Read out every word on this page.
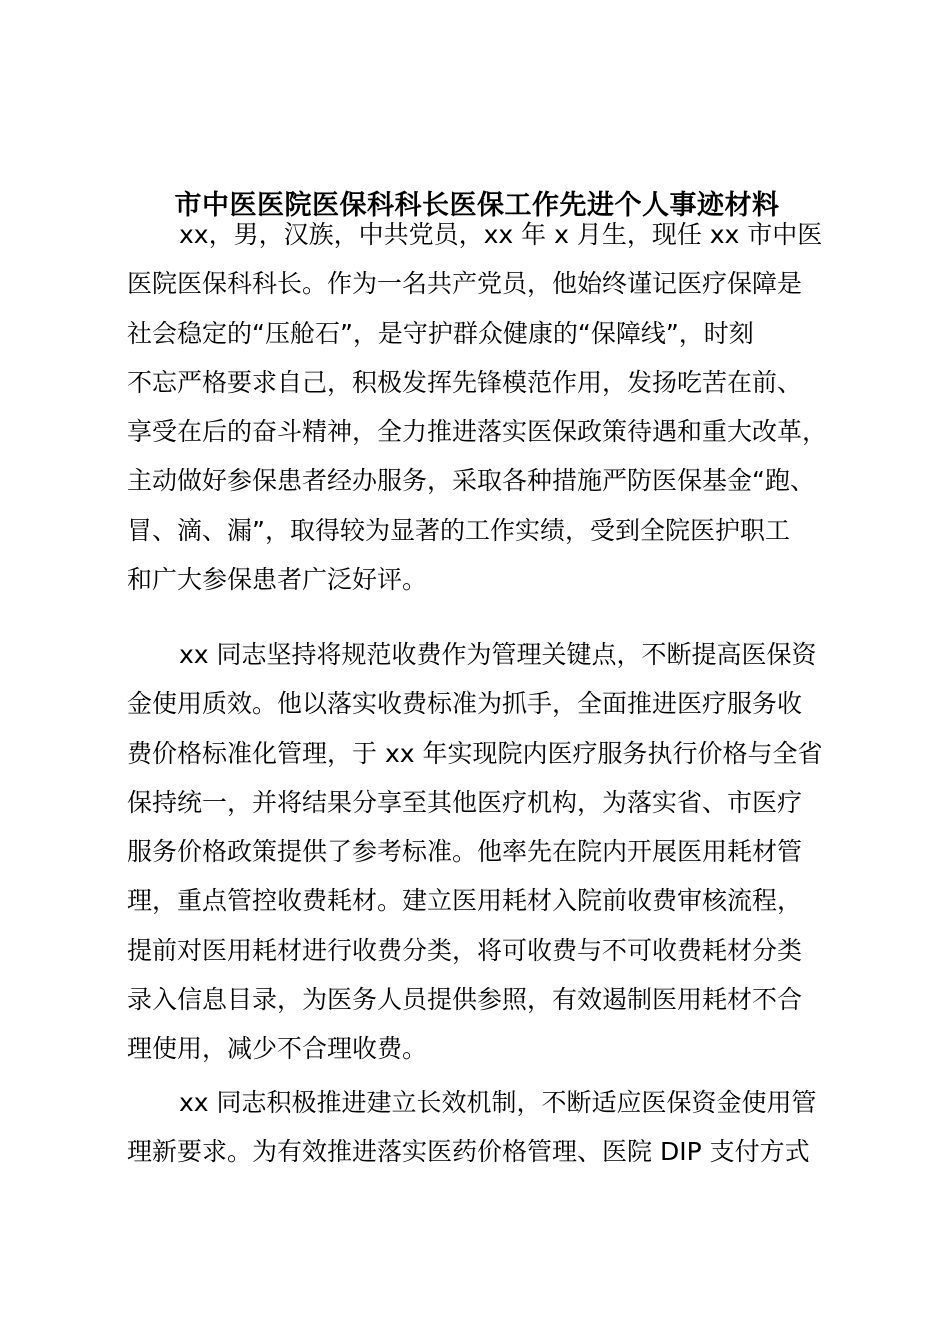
市中医医院医保科科长医保工作先进个人事迹材料
xx，男，汉族，中共党员，xx 年 x 月生，现任 xx 市中医
医院医保科科长。作为一名共产党员，他始终谨记医疗保障是
社会稳定的“压舱石”，是守护群众健康的“保障线”，时刻
不忘严格要求自己，积极发挥先锋模范作用，发扬吃苦在前、
享受在后的奋斗精神，全力推进落实医保政策待遇和重大改革，
主动做好参保患者经办服务，采取各种措施严防医保基金“跑、
冒、滴、漏”，取得较为显著的工作实绩，受到全院医护职工
和广大参保患者广泛好评。
xx 同志坚持将规范收费作为管理关键点，不断提高医保资
金使用质效。他以落实收费标准为抓手，全面推进医疗服务收
费价格标准化管理，于 xx 年实现院内医疗服务执行价格与全省
保持统一，并将结果分享至其他医疗机构，为落实省、市医疗
服务价格政策提供了参考标准。他率先在院内开展医用耗材管
理，重点管控收费耗材。建立医用耗材入院前收费审核流程，
提前对医用耗材进行收费分类，将可收费与不可收费耗材分类
录入信息目录，为医务人员提供参照，有效遏制医用耗材不合
理使用，减少不合理收费。
xx 同志积极推进建立长效机制，不断适应医保资金使用管
理新要求。为有效推进落实医药价格管理、医院 DIP 支付方式
